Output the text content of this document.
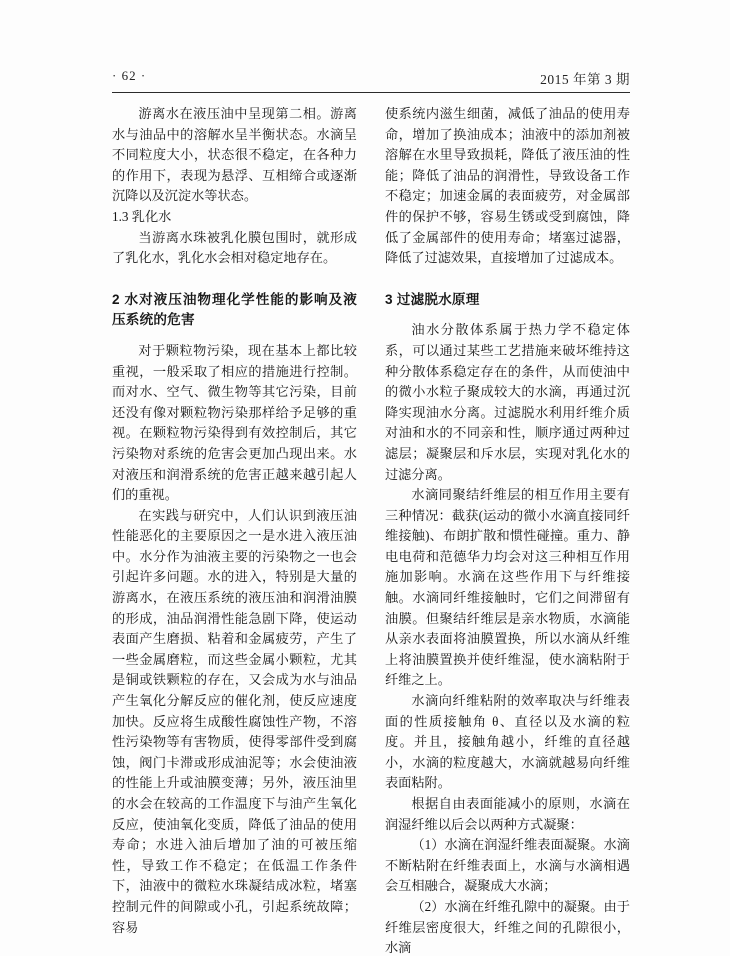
· 62 ·	2015 年第 3 期

游离水在液压油中呈现第二相。游离水与油品中的溶解水呈半衡状态。水滴呈不同粒度大小，状态很不稳定，在各种力的作用下，表现为悬浮、互相缔合或逐渐沉降以及沉淀水等状态。

1.3 乳化水

当游离水珠被乳化膜包围时，就形成了乳化水，乳化水会相对稳定地存在。

2 水对液压油物理化学性能的影响及液压系统的危害

对于颗粒物污染，现在基本上都比较重视，一般采取了相应的措施进行控制。而对水、空气、微生物等其它污染，目前还没有像对颗粒物污染那样给予足够的重视。在颗粒物污染得到有效控制后，其它污染物对系统的危害会更加凸现出来。水对液压和润滑系统的危害正越来越引起人们的重视。

在实践与研究中，人们认识到液压油性能恶化的主要原因之一是水进入液压油中。水分作为油液主要的污染物之一也会引起许多问题。水的进入，特别是大量的游离水，在液压系统的液压油和润滑油膜的形成，油品润滑性能急剧下降，使运动表面产生磨损、粘着和金属疲劳，产生了一些金属磨粒，而这些金属小颗粒，尤其是铜或铁颗粒的存在，又会成为水与油品产生氧化分解反应的催化剂，使反应速度加快。反应将生成酸性腐蚀性产物，不溶性污染物等有害物质，使得零部件受到腐蚀，阀门卡滞或形成油泥等；水会使油液的性能上升或油膜变薄；另外，液压油里的水会在较高的工作温度下与油产生氧化反应，使油氧化变质，降低了油品的使用寿命；水进入油后增加了油的可被压缩性，导致工作不稳定；在低温工作条件下，油液中的微粒水珠凝结成冰粒，堵塞控制元件的间隙或小孔，引起系统故障；容易

使系统内滋生细菌，减低了油品的使用寿命，增加了换油成本；油液中的添加剂被溶解在水里导致损耗，降低了液压油的性能；降低了油品的润滑性，导致设备工作不稳定；加速金属的表面疲劳，对金属部件的保护不够，容易生锈或受到腐蚀，降低了金属部件的使用寿命；堵塞过滤器，降低了过滤效果，直接增加了过滤成本。

3 过滤脱水原理

油水分散体系属于热力学不稳定体系，可以通过某些工艺措施来破坏维持这种分散体系稳定存在的条件，从而使油中的微小水粒子聚成较大的水滴，再通过沉降实现油水分离。过滤脱水利用纤维介质对油和水的不同亲和性，顺序通过两种过滤层；凝聚层和斥水层，实现对乳化水的过滤分离。

水滴同聚结纤维层的相互作用主要有三种情况：截获(运动的微小水滴直接同纤维接触)、布朗扩散和惯性碰撞。重力、静电电荷和范德华力均会对这三种相互作用施加影响。水滴在这些作用下与纤维接触。水滴同纤维接触时，它们之间滞留有油膜。但聚结纤维层是亲水物质，水滴能从亲水表面将油膜置换，所以水滴从纤维上将油膜置换并使纤维湿，使水滴粘附于纤维之上。

水滴向纤维粘附的效率取决与纤维表面的性质接触角 θ、直径以及水滴的粒度。并且，接触角越小，纤维的直径越小，水滴的粒度越大，水滴就越易向纤维表面粘附。

根据自由表面能减小的原则，水滴在润湿纤维以后会以两种方式凝聚：

（1）水滴在润湿纤维表面凝聚。水滴不断粘附在纤维表面上，水滴与水滴相遇会互相融合，凝聚成大水滴；

（2）水滴在纤维孔隙中的凝聚。由于纤维层密度很大，纤维之间的孔隙很小，水滴
